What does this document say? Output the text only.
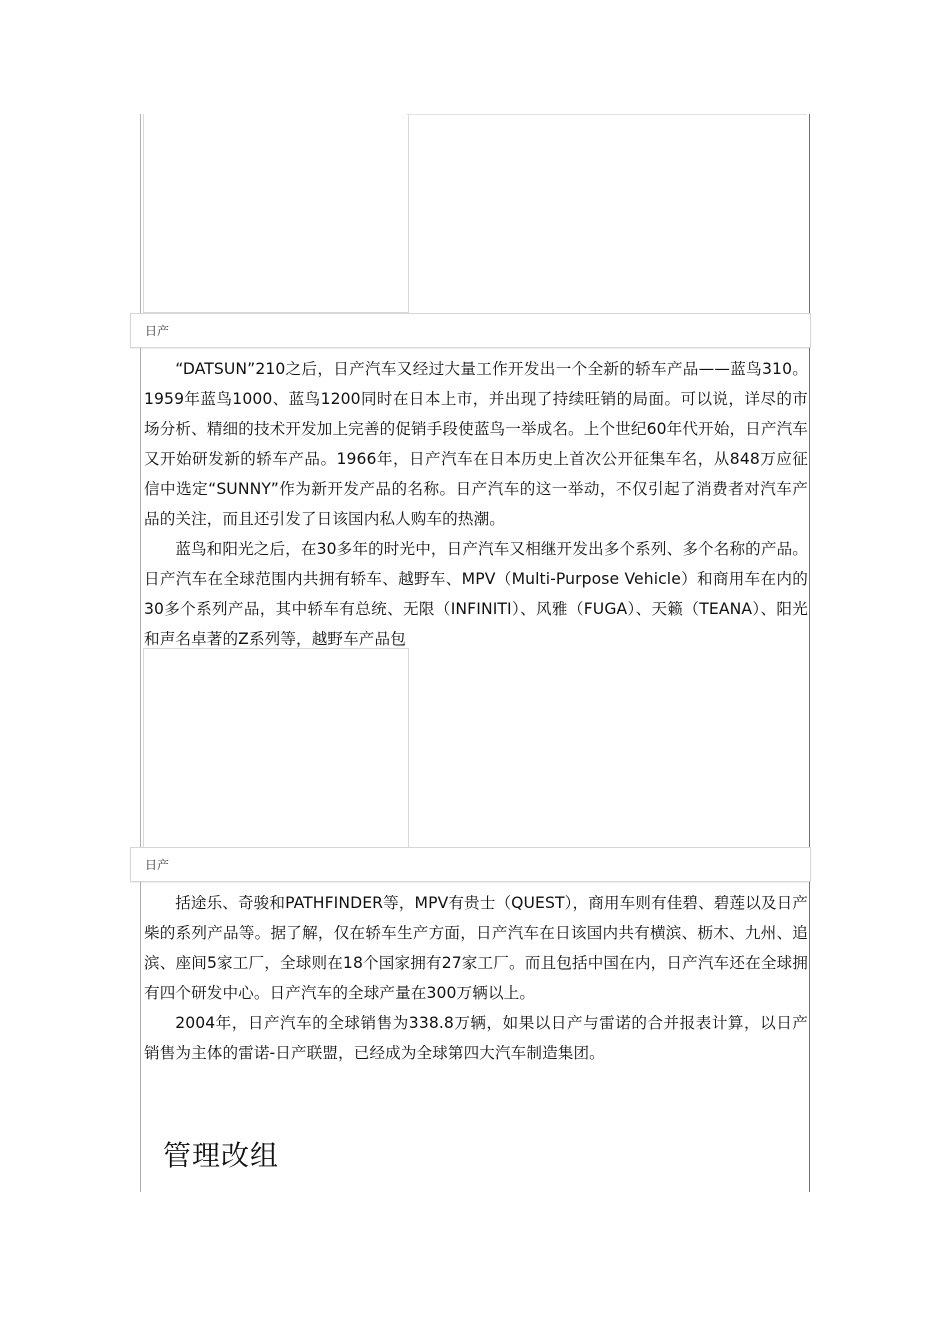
日产

“DATSUN”210之后，日产汽车又经过大量工作开发出一个全新的轿车产品——蓝鸟310。1959年蓝鸟1000、蓝鸟1200同时在日本上市，并出现了持续旺销的局面。可以说，详尽的市场分析、精细的技术开发加上完善的促销手段使蓝鸟一举成名。上个世纪60年代开始，日产汽车又开始研发新的轿车产品。1966年，日产汽车在日本历史上首次公开征集车名，从848万应征信中选定“SUNNY”作为新开发产品的名称。日产汽车的这一举动，不仅引起了消费者对汽车产品的关注，而且还引发了日该国内私人购车的热潮。

蓝鸟和阳光之后，在30多年的时光中，日产汽车又相继开发出多个系列、多个名称的产品。日产汽车在全球范围内共拥有轿车、越野车、MPV（Multi-Purpose Vehicle）和商用车在内的30多个系列产品，其中轿车有总统、无限（INFINITI）、风雅（FUGA）、天籁（TEANA）、阳光和声名卓著的Z系列等，越野车产品包

日产

括途乐、奇骏和PATHFINDER等，MPV有贵士（QUEST），商用车则有佳碧、碧莲以及日产柴的系列产品等。据了解，仅在轿车生产方面，日产汽车在日该国内共有横滨、枥木、九州、追滨、座间5家工厂，全球则在18个国家拥有27家工厂。而且包括中国在内，日产汽车还在全球拥有四个研发中心。日产汽车的全球产量在300万辆以上。

2004年，日产汽车的全球销售为338.8万辆，如果以日产与雷诺的合并报表计算，以日产销售为主体的雷诺-日产联盟，已经成为全球第四大汽车制造集团。

管理改组
